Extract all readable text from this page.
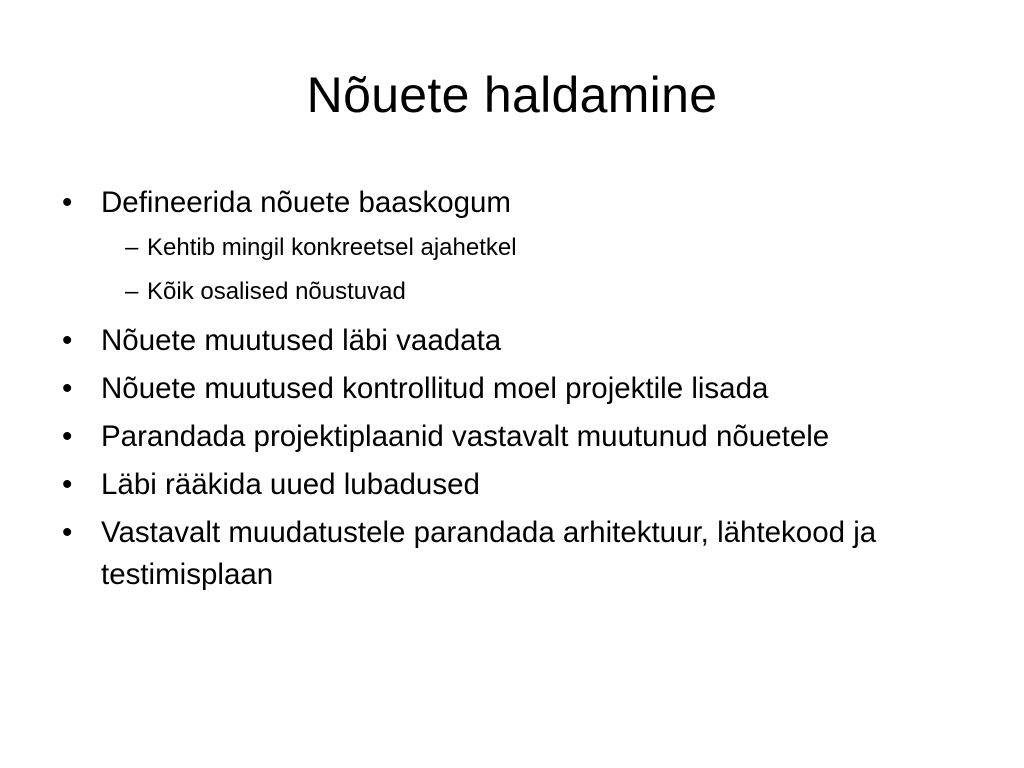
Nõuete haldamine
• Defineerida nõuete baaskogum
– Kehtib mingil konkreetsel ajahetkel
– Kõik osalised nõustuvad
• Nõuete muutused läbi vaadata
• Nõuete muutused kontrollitud moel projektile lisada
• Parandada projektiplaanid vastavalt muutunud nõuetele
• Läbi rääkida uued lubadused
• Vastavalt muudatustele parandada arhitektuur, lähtekood ja testimisplaan
